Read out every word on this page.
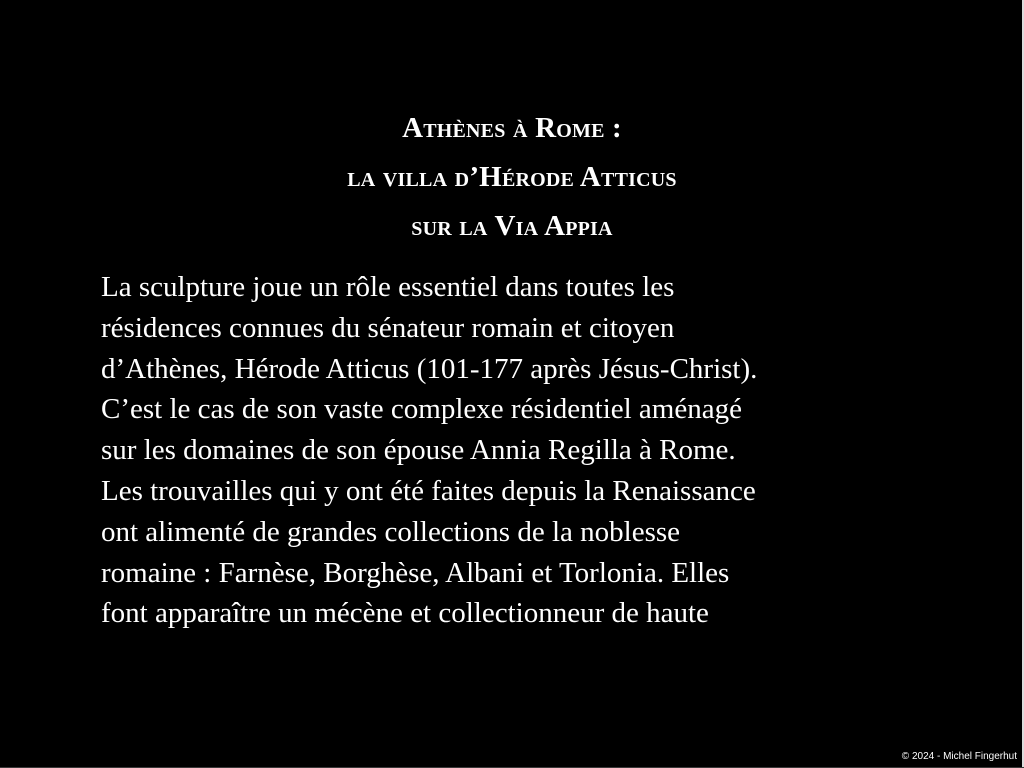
Athènes à Rome :
la villa d’Hérode Atticus
sur la Via Appia
La sculpture joue un rôle essentiel dans toutes les
résidences connues du sénateur romain et citoyen
d’Athènes, Hérode Atticus (101-177 après Jésus-Christ).
C’est le cas de son vaste complexe résidentiel aménagé
sur les domaines de son épouse Annia Regilla à Rome.
Les trouvailles qui y ont été faites depuis la Renaissance
ont alimenté de grandes collections de la noblesse
romaine : Farnèse, Borghèse, Albani et Torlonia. Elles
font apparaître un mécène et collectionneur de haute
© 2024 - Michel Fingerhut
